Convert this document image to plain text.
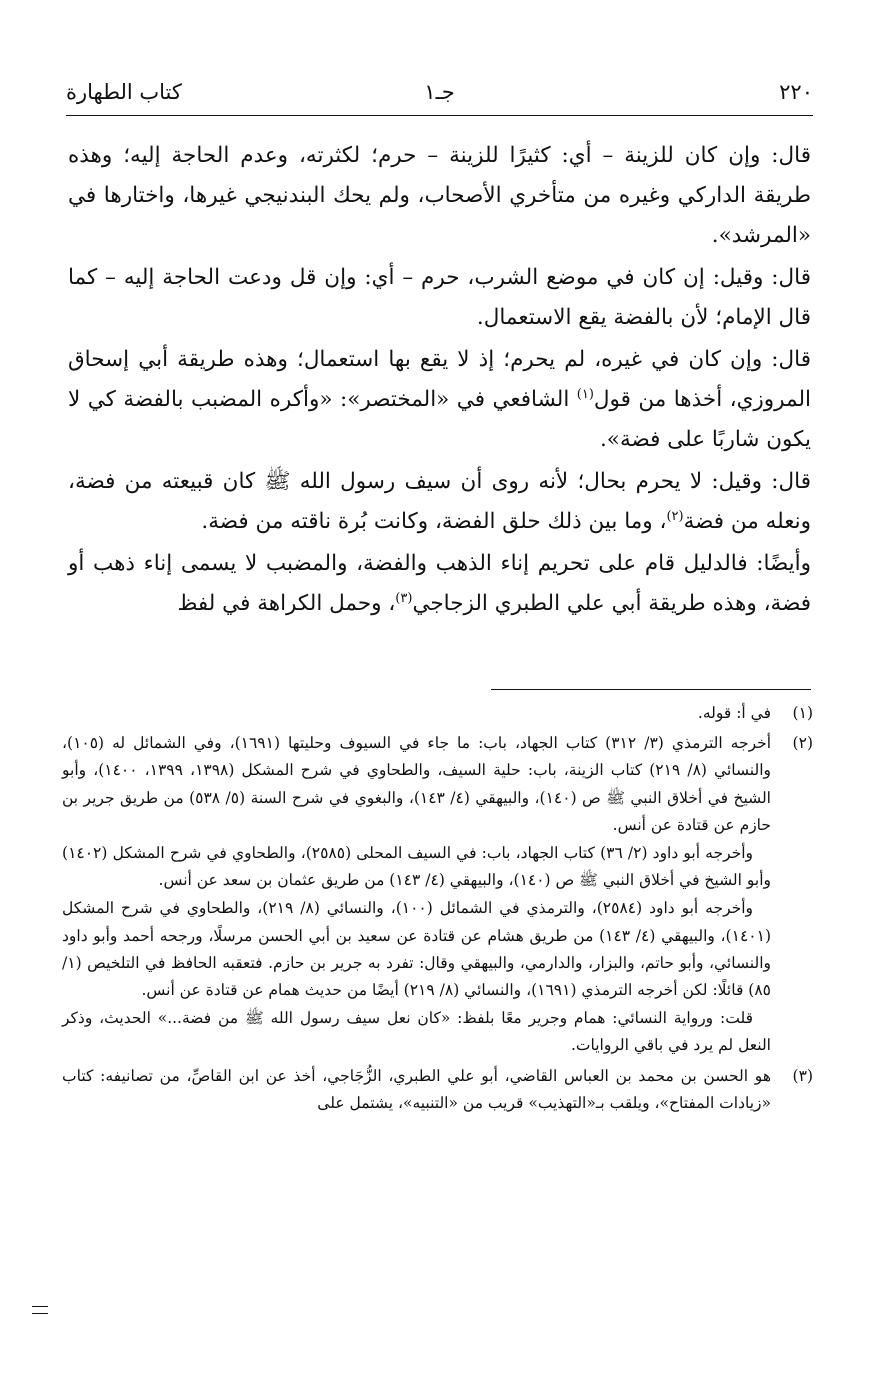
٢٢٠
جـ١
كتاب الطهارة

قال: وإن كان للزينة – أي: كثيرًا للزينة – حرم؛ لكثرته، وعدم الحاجة إليه؛ وهذه طريقة الداركي وغيره من متأخري الأصحاب، ولم يحك البندنيجي غيرها، واختارها في «المرشد».

قال: وقيل: إن كان في موضع الشرب، حرم – أي: وإن قل ودعت الحاجة إليه – كما قال الإمام؛ لأن بالفضة يقع الاستعمال.

قال: وإن كان في غيره، لم يحرم؛ إذ لا يقع بها استعمال؛ وهذه طريقة أبي إسحاق المروزي، أخذها من قول$^{(١)}$ الشافعي في «المختصر»: «وأكره المضبب بالفضة كي لا يكون شاربًا على فضة».

قال: وقيل: لا يحرم بحال؛ لأنه روى أن سيف رسول الله ﷺ كان قبيعته من فضة، ونعله من فضة$^{(٢)}$، وما بين ذلك حلق الفضة، وكانت بُرة ناقته من فضة.

وأيضًا: فالدليل قام على تحريم إناء الذهب والفضة، والمضبب لا يسمى إناء ذهب أو فضة، وهذه طريقة أبي علي الطبري الزجاجي$^{(٣)}$، وحمل الكراهة في لفظ

(١)

في أ: قوله.

(٢)

أخرجه الترمذي (٣/ ٣١٢) كتاب الجهاد، باب: ما جاء في السيوف وحليتها (١٦٩١)، وفي الشمائل له (١٠٥)، والنسائي (٨/ ٢١٩) كتاب الزينة، باب: حلية السيف، والطحاوي في شرح المشكل (١٣٩٨، ١٣٩٩، ١٤٠٠)، وأبو الشيخ في أخلاق النبي ﷺ ص (١٤٠)، والبيهقي (٤/ ١٤٣)، والبغوي في شرح السنة (٥/ ٥٣٨) من طريق جرير بن حازم عن قتادة عن أنس.

وأخرجه أبو داود (٢/ ٣٦) كتاب الجهاد، باب: في السيف المحلى (٢٥٨٥)، والطحاوي في شرح المشكل (١٤٠٢) وأبو الشيخ في أخلاق النبي ﷺ ص (١٤٠)، والبيهقي (٤/ ١٤٣) من طريق عثمان بن سعد عن أنس.

وأخرجه أبو داود (٢٥٨٤)، والترمذي في الشمائل (١٠٠)، والنسائي (٨/ ٢١٩)، والطحاوي في شرح المشكل (١٤٠١)، والبيهقي (٤/ ١٤٣) من طريق هشام عن قتادة عن سعيد بن أبي الحسن مرسلًا، ورجحه أحمد وأبو داود والنسائي، وأبو حاتم، والبزار، والدارمي، والبيهقي وقال: تفرد به جرير بن حازم. فتعقبه الحافظ في التلخيص (١/ ٨٥) قائلًا: لكن أخرجه الترمذي (١٦٩١)، والنسائي (٨/ ٢١٩) أيضًا من حديث همام عن قتادة عن أنس.

قلت: ورواية النسائي: همام وجرير معًا بلفظ: «كان نعل سيف رسول الله ﷺ من فضة...» الحديث، وذكر النعل لم يرد في باقي الروايات.

(٣)

هو الحسن بن محمد بن العباس القاضي، أبو علي الطبري، الزُّجَاجي، أخذ عن ابن القاصِّ، من تصانيفه: كتاب «زيادات المفتاح»، ويلقب بـ«التهذيب» قريب من «التنبيه»، يشتمل على
